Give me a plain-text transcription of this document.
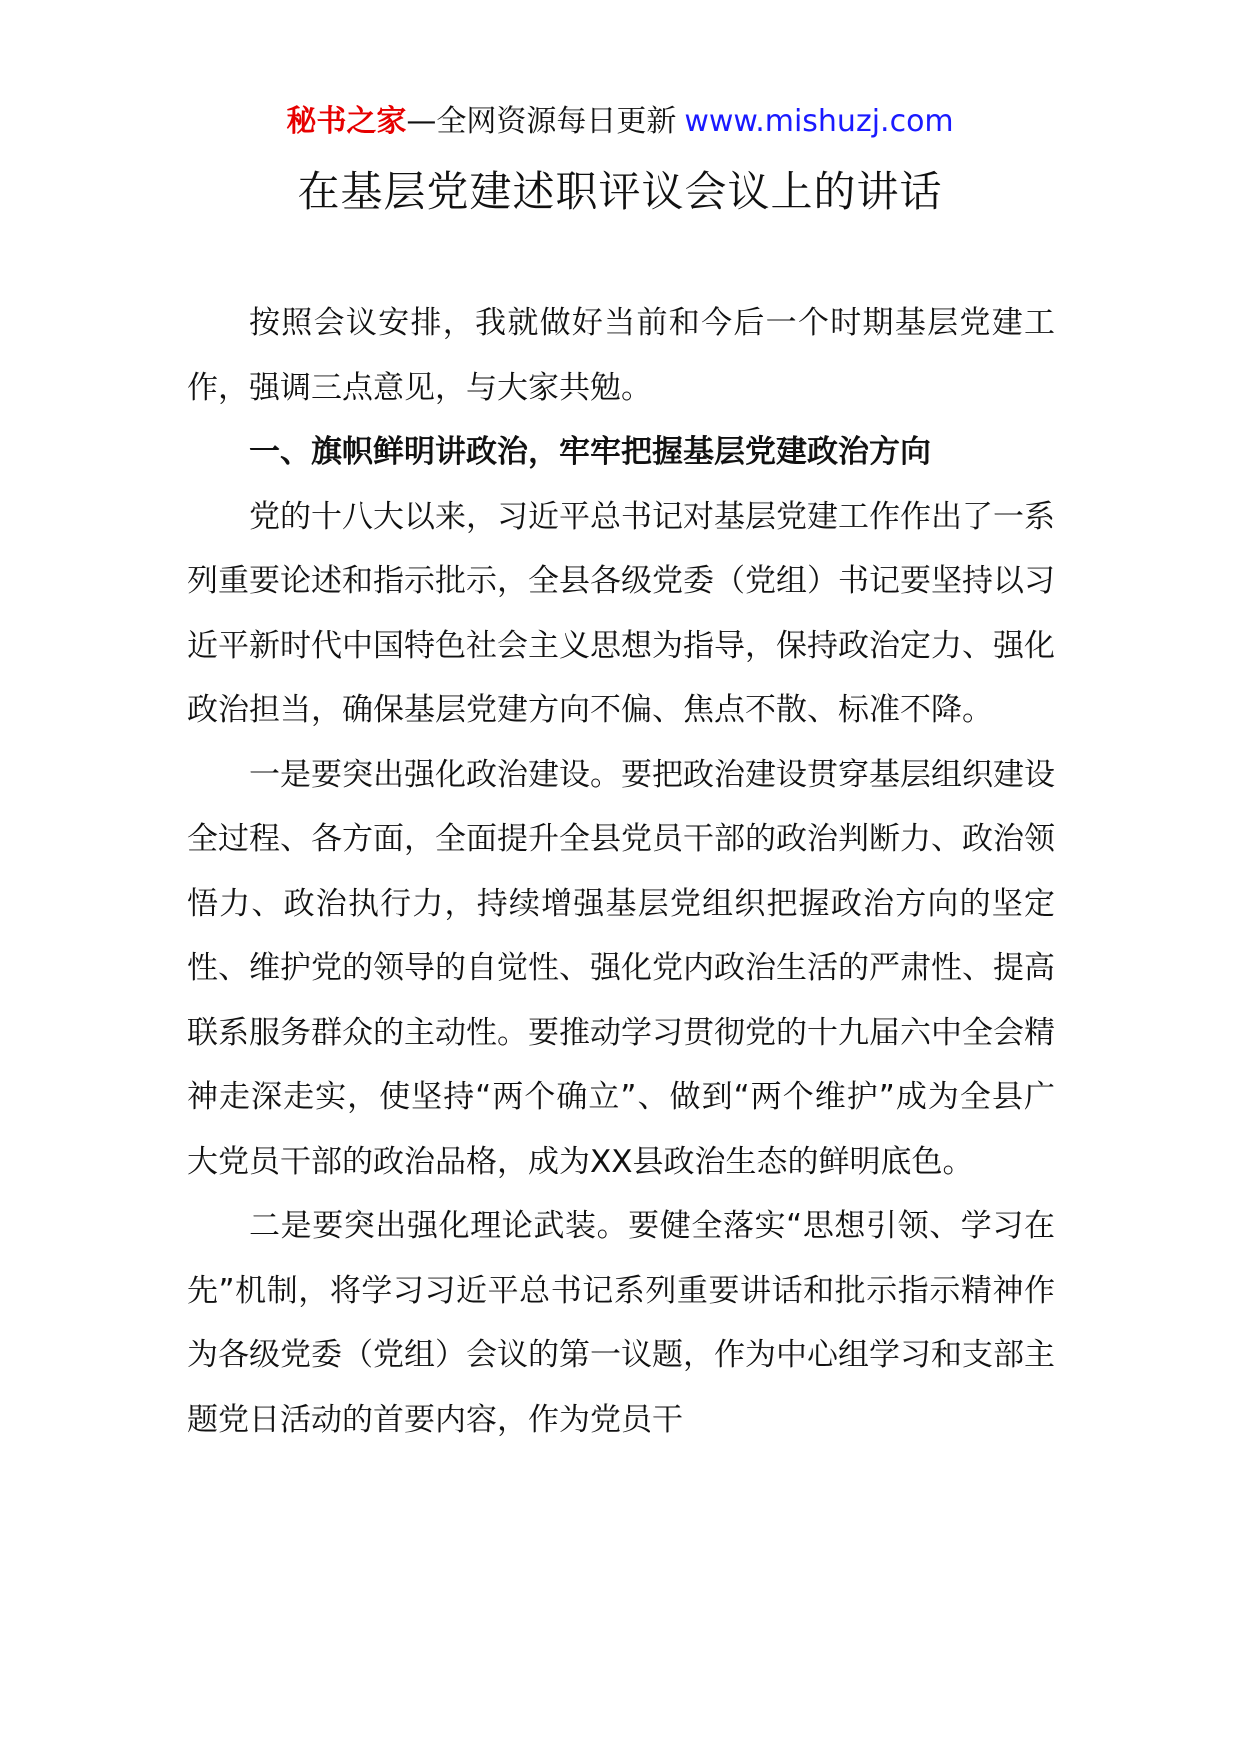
秘书之家—全网资源每日更新 www.mishuzj.com
在基层党建述职评议会议上的讲话

按照会议安排，我就做好当前和今后一个时期基层党建工作，强调三点意见，与大家共勉。

一、旗帜鲜明讲政治，牢牢把握基层党建政治方向

党的十八大以来，习近平总书记对基层党建工作作出了一系列重要论述和指示批示，全县各级党委（党组）书记要坚持以习近平新时代中国特色社会主义思想为指导，保持政治定力、强化政治担当，确保基层党建方向不偏、焦点不散、标准不降。

一是要突出强化政治建设。要把政治建设贯穿基层组织建设全过程、各方面，全面提升全县党员干部的政治判断力、政治领悟力、政治执行力，持续增强基层党组织把握政治方向的坚定性、维护党的领导的自觉性、强化党内政治生活的严肃性、提高联系服务群众的主动性。要推动学习贯彻党的十九届六中全会精神走深走实，使坚持“两个确立”、做到“两个维护”成为全县广大党员干部的政治品格，成为XX县政治生态的鲜明底色。

二是要突出强化理论武装。要健全落实“思想引领、学习在先”机制，将学习习近平总书记系列重要讲话和批示指示精神作为各级党委（党组）会议的第一议题，作为中心组学习和支部主题党日活动的首要内容，作为党员干
